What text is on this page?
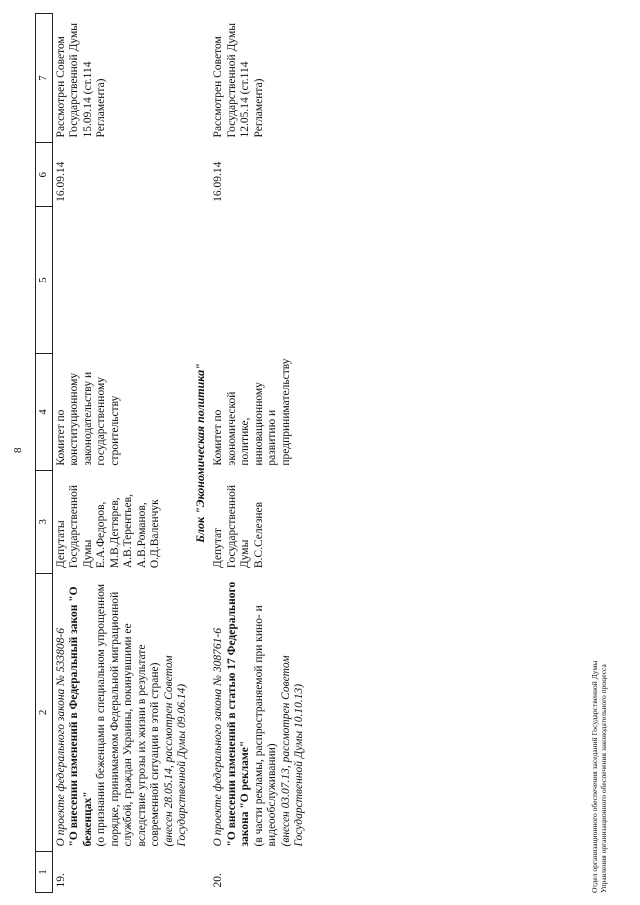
8
1	2	3	4	5	6	7
19.	О проекте федерального закона № 533808-6 "О внесении изменений в Федеральный закон "О беженцах" (о признании беженцами в специальном упрощенном порядке, принимаемом Федеральной миграционной службой, граждан Украины, покинувшими ее вследствие угрозы их жизни в результате современной ситуации в этой стране) (внесен 28.05.14, рассмотрен Советом Государственной Думы 09.06.14)	Депутаты Государственной Думы Е.А.Федоров, М.В.Дегтярев, А.В.Терентьев, А.В.Романов, О.Д.Валенчук	Комитет по конституционному законодательству и государственному строительству		16.09.14	Рассмотрен Советом Государственной Думы 15.09.14 (ст.114 Регламента)
Блок "Экономическая политика"						
20.	О проекте федерального закона № 308761-6 "О внесении изменений в статью 17 Федерального закона "О рекламе" (в части рекламы, распространяемой при кино- и видеообслуживании) (внесен 03.07.13, рассмотрен Советом Государственной Думы 10.10.13)	Депутат Государственной Думы В.С.Селезнев	Комитет по экономической политике, инновационному развитию и предпринимательству		16.09.14	Рассмотрен Советом Государственной Думы 12.05.14 (ст.114 Регламента)
Отдел организационного обеспечения заседаний Государственной Думы Управления организационного обеспечения законодательного процесса
